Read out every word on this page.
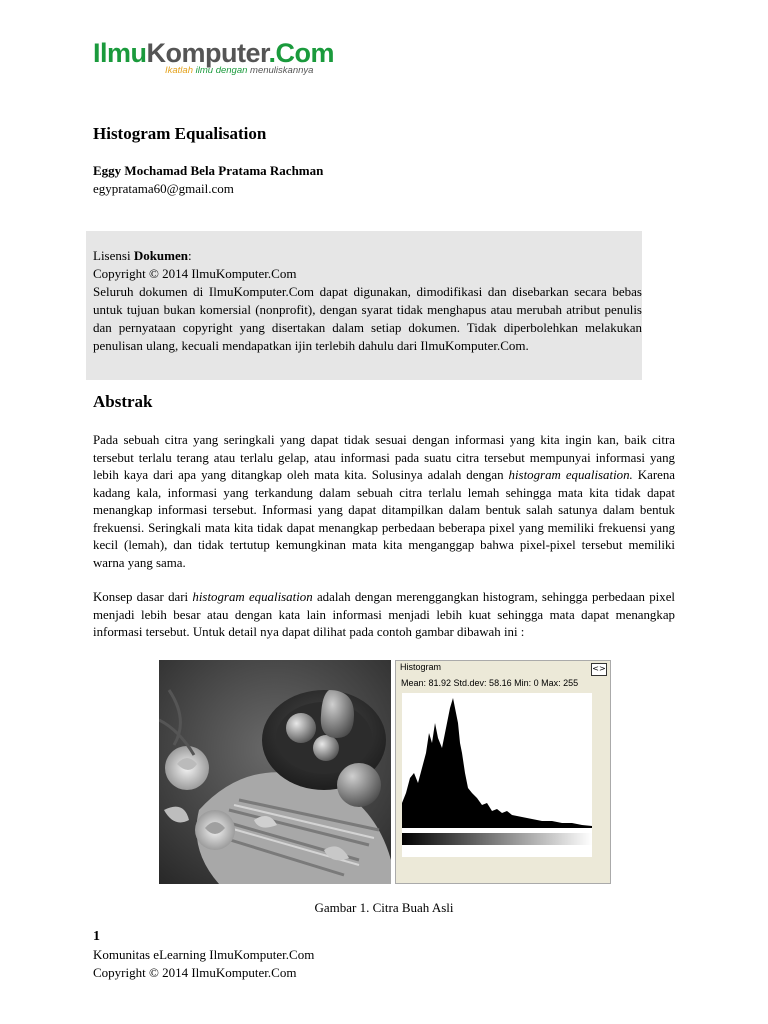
IlmuKomputer.Com
Ikatlah ilmu dengan menuliskannya
Histogram Equalisation
Eggy Mochamad Bela Pratama Rachman
egypratama60@gmail.com
Lisensi Dokumen:
Copyright © 2014 IlmuKomputer.Com
Seluruh dokumen di IlmuKomputer.Com dapat digunakan, dimodifikasi dan disebarkan secara bebas untuk tujuan bukan komersial (nonprofit), dengan syarat tidak menghapus atau merubah atribut penulis dan pernyataan copyright yang disertakan dalam setiap dokumen. Tidak diperbolehkan melakukan penulisan ulang, kecuali mendapatkan ijin terlebih dahulu dari IlmuKomputer.Com.
Abstrak
Pada sebuah citra yang seringkali yang dapat tidak sesuai dengan informasi yang kita ingin kan, baik citra tersebut terlalu terang atau terlalu gelap, atau informasi pada suatu citra tersebut mempunyai informasi yang lebih kaya dari apa yang ditangkap oleh mata kita. Solusinya adalah dengan histogram equalisation. Karena kadang kala, informasi yang terkandung dalam sebuah citra terlalu lemah sehingga mata kita tidak dapat menangkap informasi tersebut. Informasi yang dapat ditampilkan dalam bentuk salah satunya dalam bentuk frekuensi. Seringkali mata kita tidak dapat menangkap perbedaan beberapa pixel yang memiliki frekuensi yang kecil (lemah), dan tidak tertutup kemungkinan mata kita menganggap bahwa pixel-pixel tersebut memiliki warna yang sama.
Konsep dasar dari histogram equalisation adalah dengan merenggangkan histogram, sehingga perbedaan pixel menjadi lebih besar atau dengan kata lain informasi menjadi lebih kuat sehingga mata dapat menangkap informasi tersebut. Untuk detail nya dapat dilihat pada contoh gambar dibawah ini :
Histogram	<>
Mean: 81.92 Std.dev: 58.16 Min: 0 Max: 255
Gambar 1. Citra Buah Asli
1
Komunitas eLearning IlmuKomputer.Com
Copyright © 2014 IlmuKomputer.Com
